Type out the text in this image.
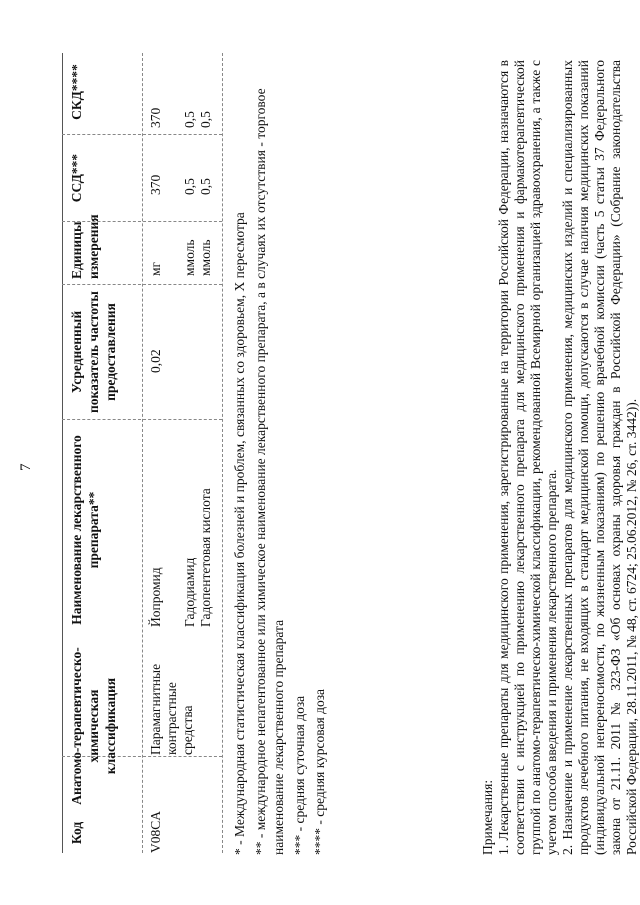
7
Код
Анатомо-терапевтическо-химическая классификация
Наименование лекарственного препарата**
Усредненный показатель частоты предоставления
Единицы измерения
ССД***
СКД****
V08CA
Парамагнитные контрастные средства
Йопромид
0,02
мг
370
370
Гадодиамид
ммоль
0,5
0,5
Гадопентетовая кислота
ммоль
0,5
0,5
* - Международная статистическая классификация болезней и проблем, связанных со здоровьем, X пересмотра ** - международное непатентованное или химическое наименование лекарственного препарата, а в случаях их отсутствия - торговое наименование лекарственного препарата *** - средняя суточная доза **** - средняя курсовая доза	Примечания: 1. Лекарственные препараты для медицинского применения, зарегистрированные на территории Российской Федерации, назначаются в соответствии с инструкцией по применению лекарственного препарата для медицинского применения и фармакотерапевтической группой по анатомо-терапевтическо-химической классификации, рекомендованной Всемирной организацией здравоохранения, а также с учетом способа введения и применения лекарственного препарата. 2. Назначение и применение лекарственных препаратов для медицинского применения, медицинских изделий и специализированных продуктов лечебного питания, не входящих в стандарт медицинской помощи, допускаются в случае наличия медицинских показаний (индивидуальной непереносимости, по жизненным показаниям) по решению врачебной комиссии (часть 5 статьи 37 Федерального закона от 21.11. 2011 № 323-ФЗ «Об основах охраны здоровья граждан в Российской Федерации» (Собрание законодательства Российской Федерации, 28.11.2011, № 48, ст. 6724; 25.06.2012, № 26, ст. 3442)).
